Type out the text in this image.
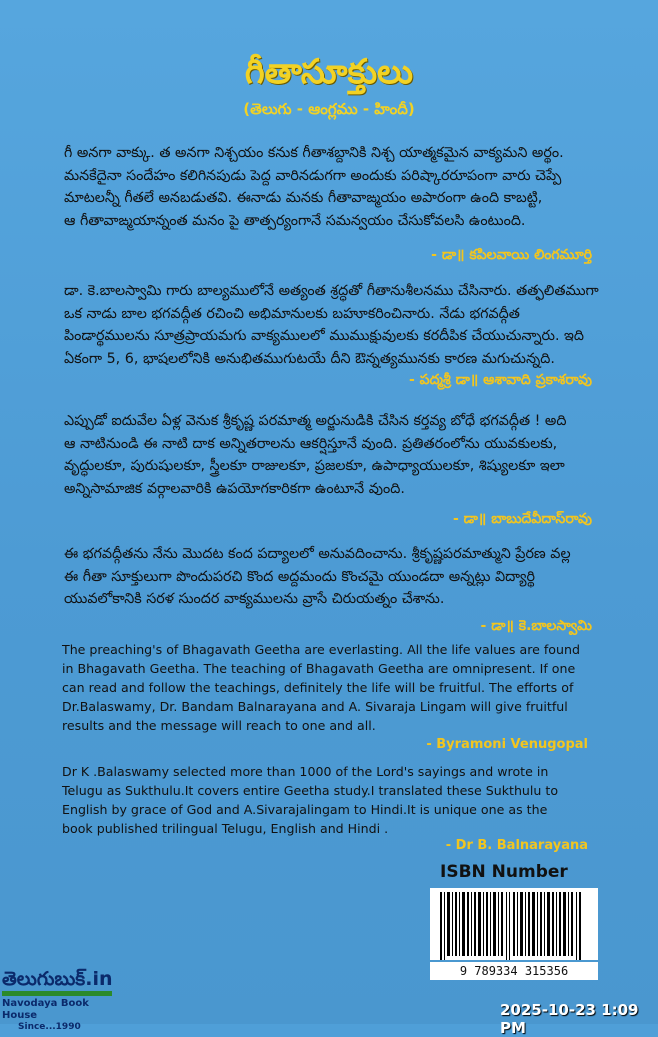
గీతాసూక్తులు
(తెలుగు - ఆంగ్లము - హిందీ)

గీ అనగా వాక్కు. త అనగా నిశ్చయం కనుక గీతాశబ్దానికి నిశ్చ యాత్మకమైన వాక్యమని అర్థం.

మనకేదైనా సందేహం కలిగినపుడు పెద్ద వారినడుగగా అందుకు పరిష్కారరూపంగా వారు చెప్పే

మాటలన్నీ గీతలే అనబడుతవి. ఈనాడు మనకు గీతావాఙ్మయం అపారంగా ఉంది కాబట్టి,

ఆ గీతావాఙ్మయాన్నంత మనం పై తాత్పర్యంగానే సమన్వయం చేసుకోవలసి ఉంటుంది.

- డా॥ కపిలవాయి లింగమూర్తి

డా. కె.బాలస్వామి గారు బాల్యములోనే అత్యంత శ్రద్ధతో గీతానుశీలనము చేసినారు. తత్ఫలితముగా

ఒక నాడు బాల భగవద్గీత రచించి అభిమానులకు బహూకరించినారు. నేడు భగవద్గీత

పిండార్థములను సూత్రప్రాయమగు వాక్యములలో ముముక్షువులకు కరదీపిక చేయుచున్నారు. ఇది

ఏకంగా 5, 6, భాషలలోనికి అనుభితముగుటయే దీని ఔన్నత్యమునకు కారణ మగుచున్నది.

- పద్మశ్రీ డా॥ ఆశావాది ప్రకాశరావు

ఎప్పుడో ఐదువేల ఏళ్ల వెనుక శ్రీకృష్ణ పరమాత్మ అర్జునుడికి చేసిన కర్తవ్య బోధే భగవద్గీత ! అది

ఆ నాటినుండి ఈ నాటి దాక అన్నితరాలను ఆకర్షిస్తూనే వుంది. ప్రతితరంలోను యువకులకు,

వృద్ధులకూ, పురుషులకూ, స్త్రీలకూ రాజులకూ, ప్రజలకూ, ఉపాధ్యాయులకూ, శిష్యులకూ ఇలా

అన్నిసామాజిక వర్గాలవారికి ఉపయోగకారికగా ఉంటూనే వుంది.

- డా॥ బాబుదేవీదాస్‌రావు

ఈ భగవద్గీతను నేను మొదట కంద పద్యాలలో అనువదించాను. శ్రీకృష్ణపరమాత్ముని ప్రేరణ వల్ల

ఈ గీతా సూక్తులుగా పొందుపరచి కొంద అద్దమందు కొంచమై యుండదా అన్నట్లు విద్యార్థి

యువలోకానికి సరళ సుందర వాక్యములను వ్రాసే చిరుయత్నం చేశాను.

- డా॥ కె.బాలస్వామి

The preaching's of Bhagavath Geetha are everlasting. All the life values are found

in Bhagavath Geetha. The teaching of Bhagavath Geetha are omnipresent. If one

can read and follow the teachings, definitely the life will be fruitful. The efforts of

Dr.Balaswamy, Dr. Bandam Balnarayana and A. Sivaraja Lingam will give fruitful

results and the message will reach to one and all.

- Byramoni Venugopal

Dr K .Balaswamy selected more than 1000 of the Lord's sayings and wrote in

Telugu as Sukthulu.It covers entire Geetha study.I translated these Sukthulu to

English by grace of God and A.Sivarajalingam to Hindi.It is unique one as the

book published trilingual Telugu, English and Hindi .

- Dr B. Balnarayana
ISBN Number
9 789334 315356
తెలుగుబుక్.in
Navodaya Book House
Since...1990
2025-10-23 1:09 PM
